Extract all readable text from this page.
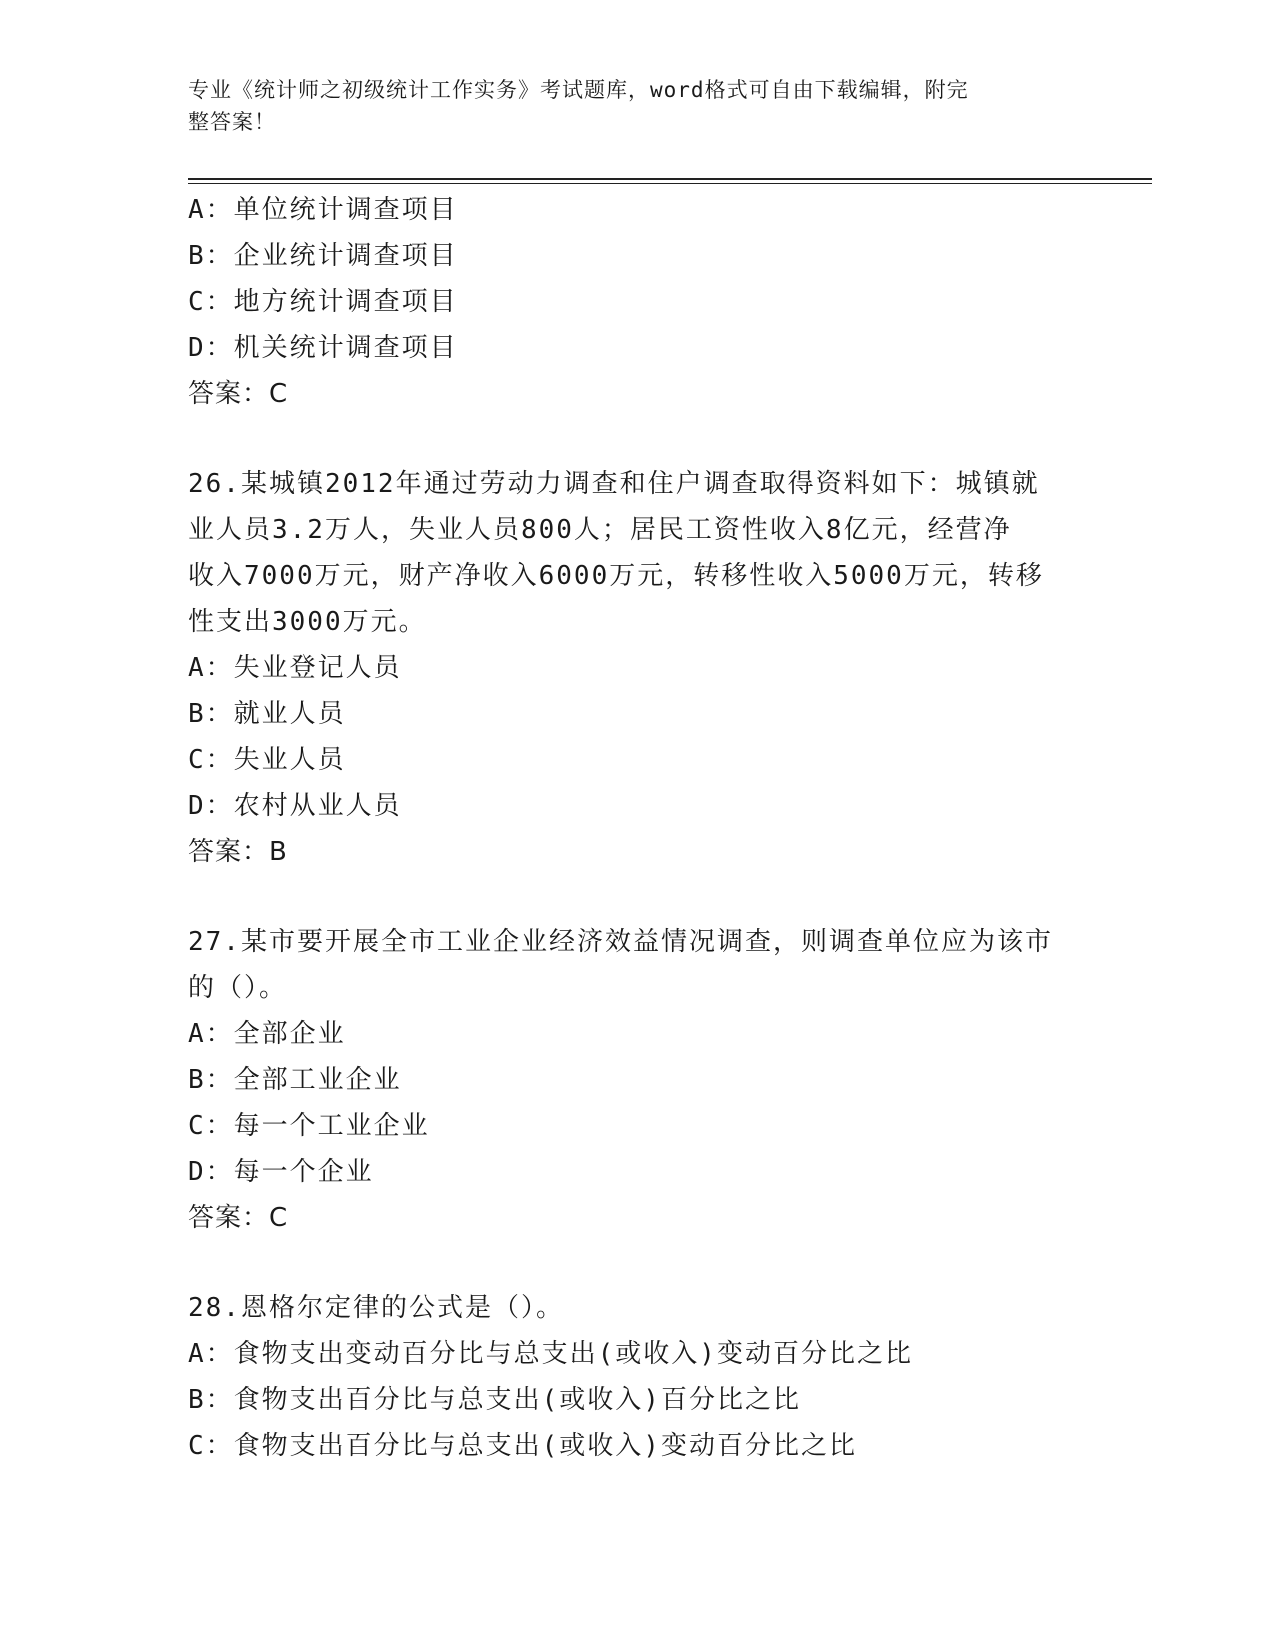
专业《统计师之初级统计工作实务》考试题库，word格式可自由下载编辑，附完
整答案！
A：单位统计调查项目
B：企业统计调查项目
C：地方统计调查项目
D：机关统计调查项目
答案：C
26.某城镇2012年通过劳动力调查和住户调查取得资料如下：城镇就
业人员3.2万人，失业人员800人；居民工资性收入8亿元，经营净
收入7000万元，财产净收入6000万元，转移性收入5000万元，转移
性支出3000万元。
A：失业登记人员
B：就业人员
C：失业人员
D：农村从业人员
答案：B
27.某市要开展全市工业企业经济效益情况调查，则调查单位应为该市
的（）。
A：全部企业
B：全部工业企业
C：每一个工业企业
D：每一个企业
答案：C
28.恩格尔定律的公式是（）。
A：食物支出变动百分比与总支出(或收入)变动百分比之比
B：食物支出百分比与总支出(或收入)百分比之比
C：食物支出百分比与总支出(或收入)变动百分比之比
